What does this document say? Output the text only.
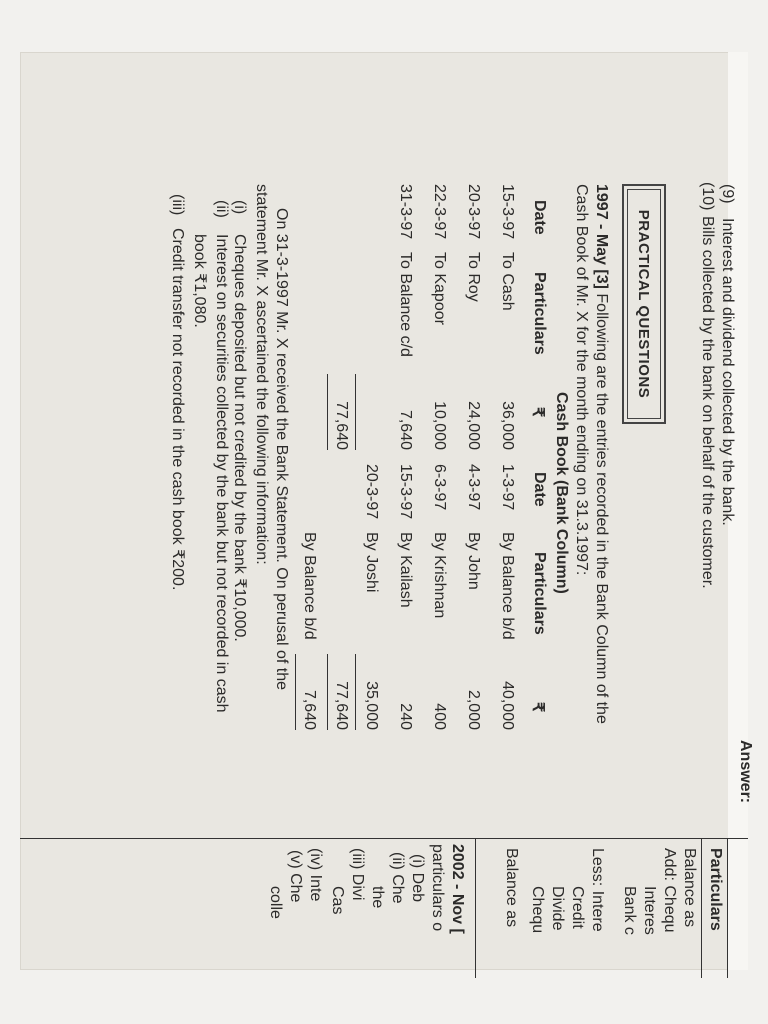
(9)Interest and dividend collected by the bank.
(10)Bills collected by the bank on behalf of the customer.
PRACTICAL QUESTIONS
1997 - May [3] Following are the entries recorded in the Bank Column of the
Cash Book of Mr. X for the month ending on 31.3.1997:
Cash Book (Bank Column)
Date
Particulars
₹
Date
Particulars
₹
15-3-97
To Cash
36,000
20-3-97
To Roy
24,000
22-3-97
To Kapoor
10,000
31-3-97
To Balance c/d
7,640
1-3-97
By Balance b/d
40,000
4-3-97
By John
2,000
6-3-97
By Krishnan
400
15-3-97
By Kailash
240
20-3-97
By Joshi
35,000
77,640
77,640
By Balance b/d
7,640
On 31-3-1997 Mr. X received the Bank Statement. On perusal of the
statement Mr. X ascertained the following information:
(i)Cheques deposited but not credited by the bank ₹10,000.
(ii)Interest on securities collected by the bank but not recorded in cash
book ₹1,080.
(iii)Credit transfer not recorded in the cash book ₹200.
Answer:
Particulars
Balance as
Add: Chequ
Interes
Bank c
Less: Intere
Credit
Divide
Chequ
Balance as
2002 - Nov [
particulars o
(i) Deb
(ii) Che
the
(iii) Divi
Cas
(iv) Inte
(v) Che
colle
